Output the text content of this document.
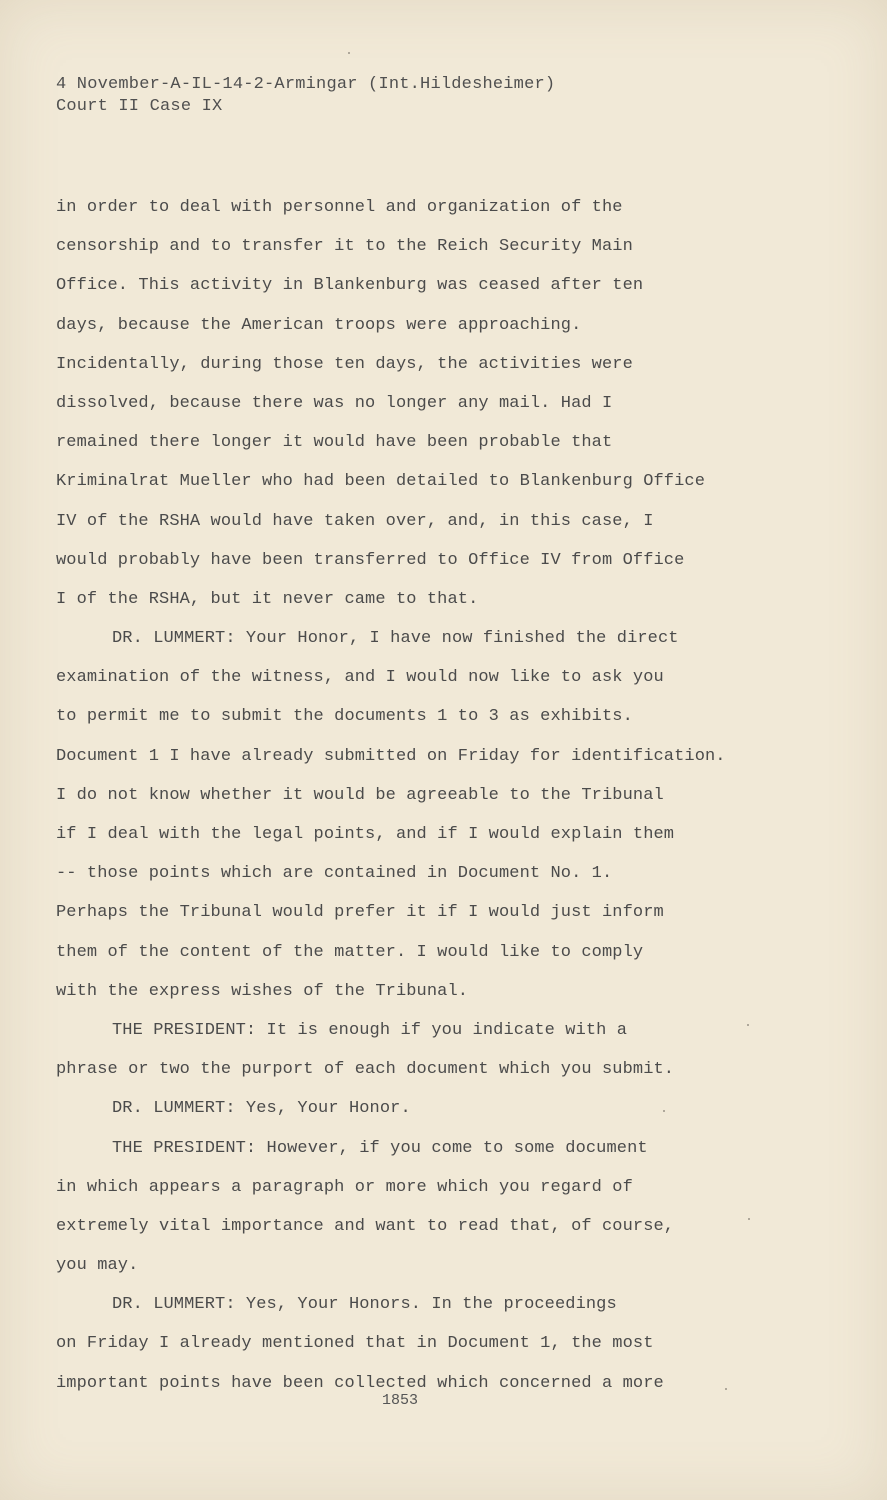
4 November-A-IL-14-2-Armingar (Int.Hildesheimer)
Court II Case IX
in order to deal with personnel and organization of the
censorship and to transfer it to the Reich Security Main
Office. This activity in Blankenburg was ceased after ten
days, because the American troops were approaching.
Incidentally, during those ten days, the activities were
dissolved, because there was no longer any mail. Had I
remained there longer it would have been probable that
Kriminalrat Mueller who had been detailed to Blankenburg Office
IV of the RSHA would have taken over, and, in this case, I
would probably have been transferred to Office IV from Office
I of the RSHA, but it never came to that.
DR. LUMMERT: Your Honor, I have now finished the direct
examination of the witness, and I would now like to ask you
to permit me to submit the documents 1 to 3 as exhibits.
Document 1 I have already submitted on Friday for identification.
I do not know whether it would be agreeable to the Tribunal
if I deal with the legal points, and if I would explain them
-- those points which are contained in Document No. 1.
Perhaps the Tribunal would prefer it if I would just inform
them of the content of the matter. I would like to comply
with the express wishes of the Tribunal.
THE PRESIDENT: It is enough if you indicate with a
phrase or two the purport of each document which you submit.
DR. LUMMERT: Yes, Your Honor.
THE PRESIDENT: However, if you come to some document
in which appears a paragraph or more which you regard of
extremely vital importance and want to read that, of course,
you may.
DR. LUMMERT: Yes, Your Honors. In the proceedings
on Friday I already mentioned that in Document 1, the most
important points have been collected which concerned a more
1853
